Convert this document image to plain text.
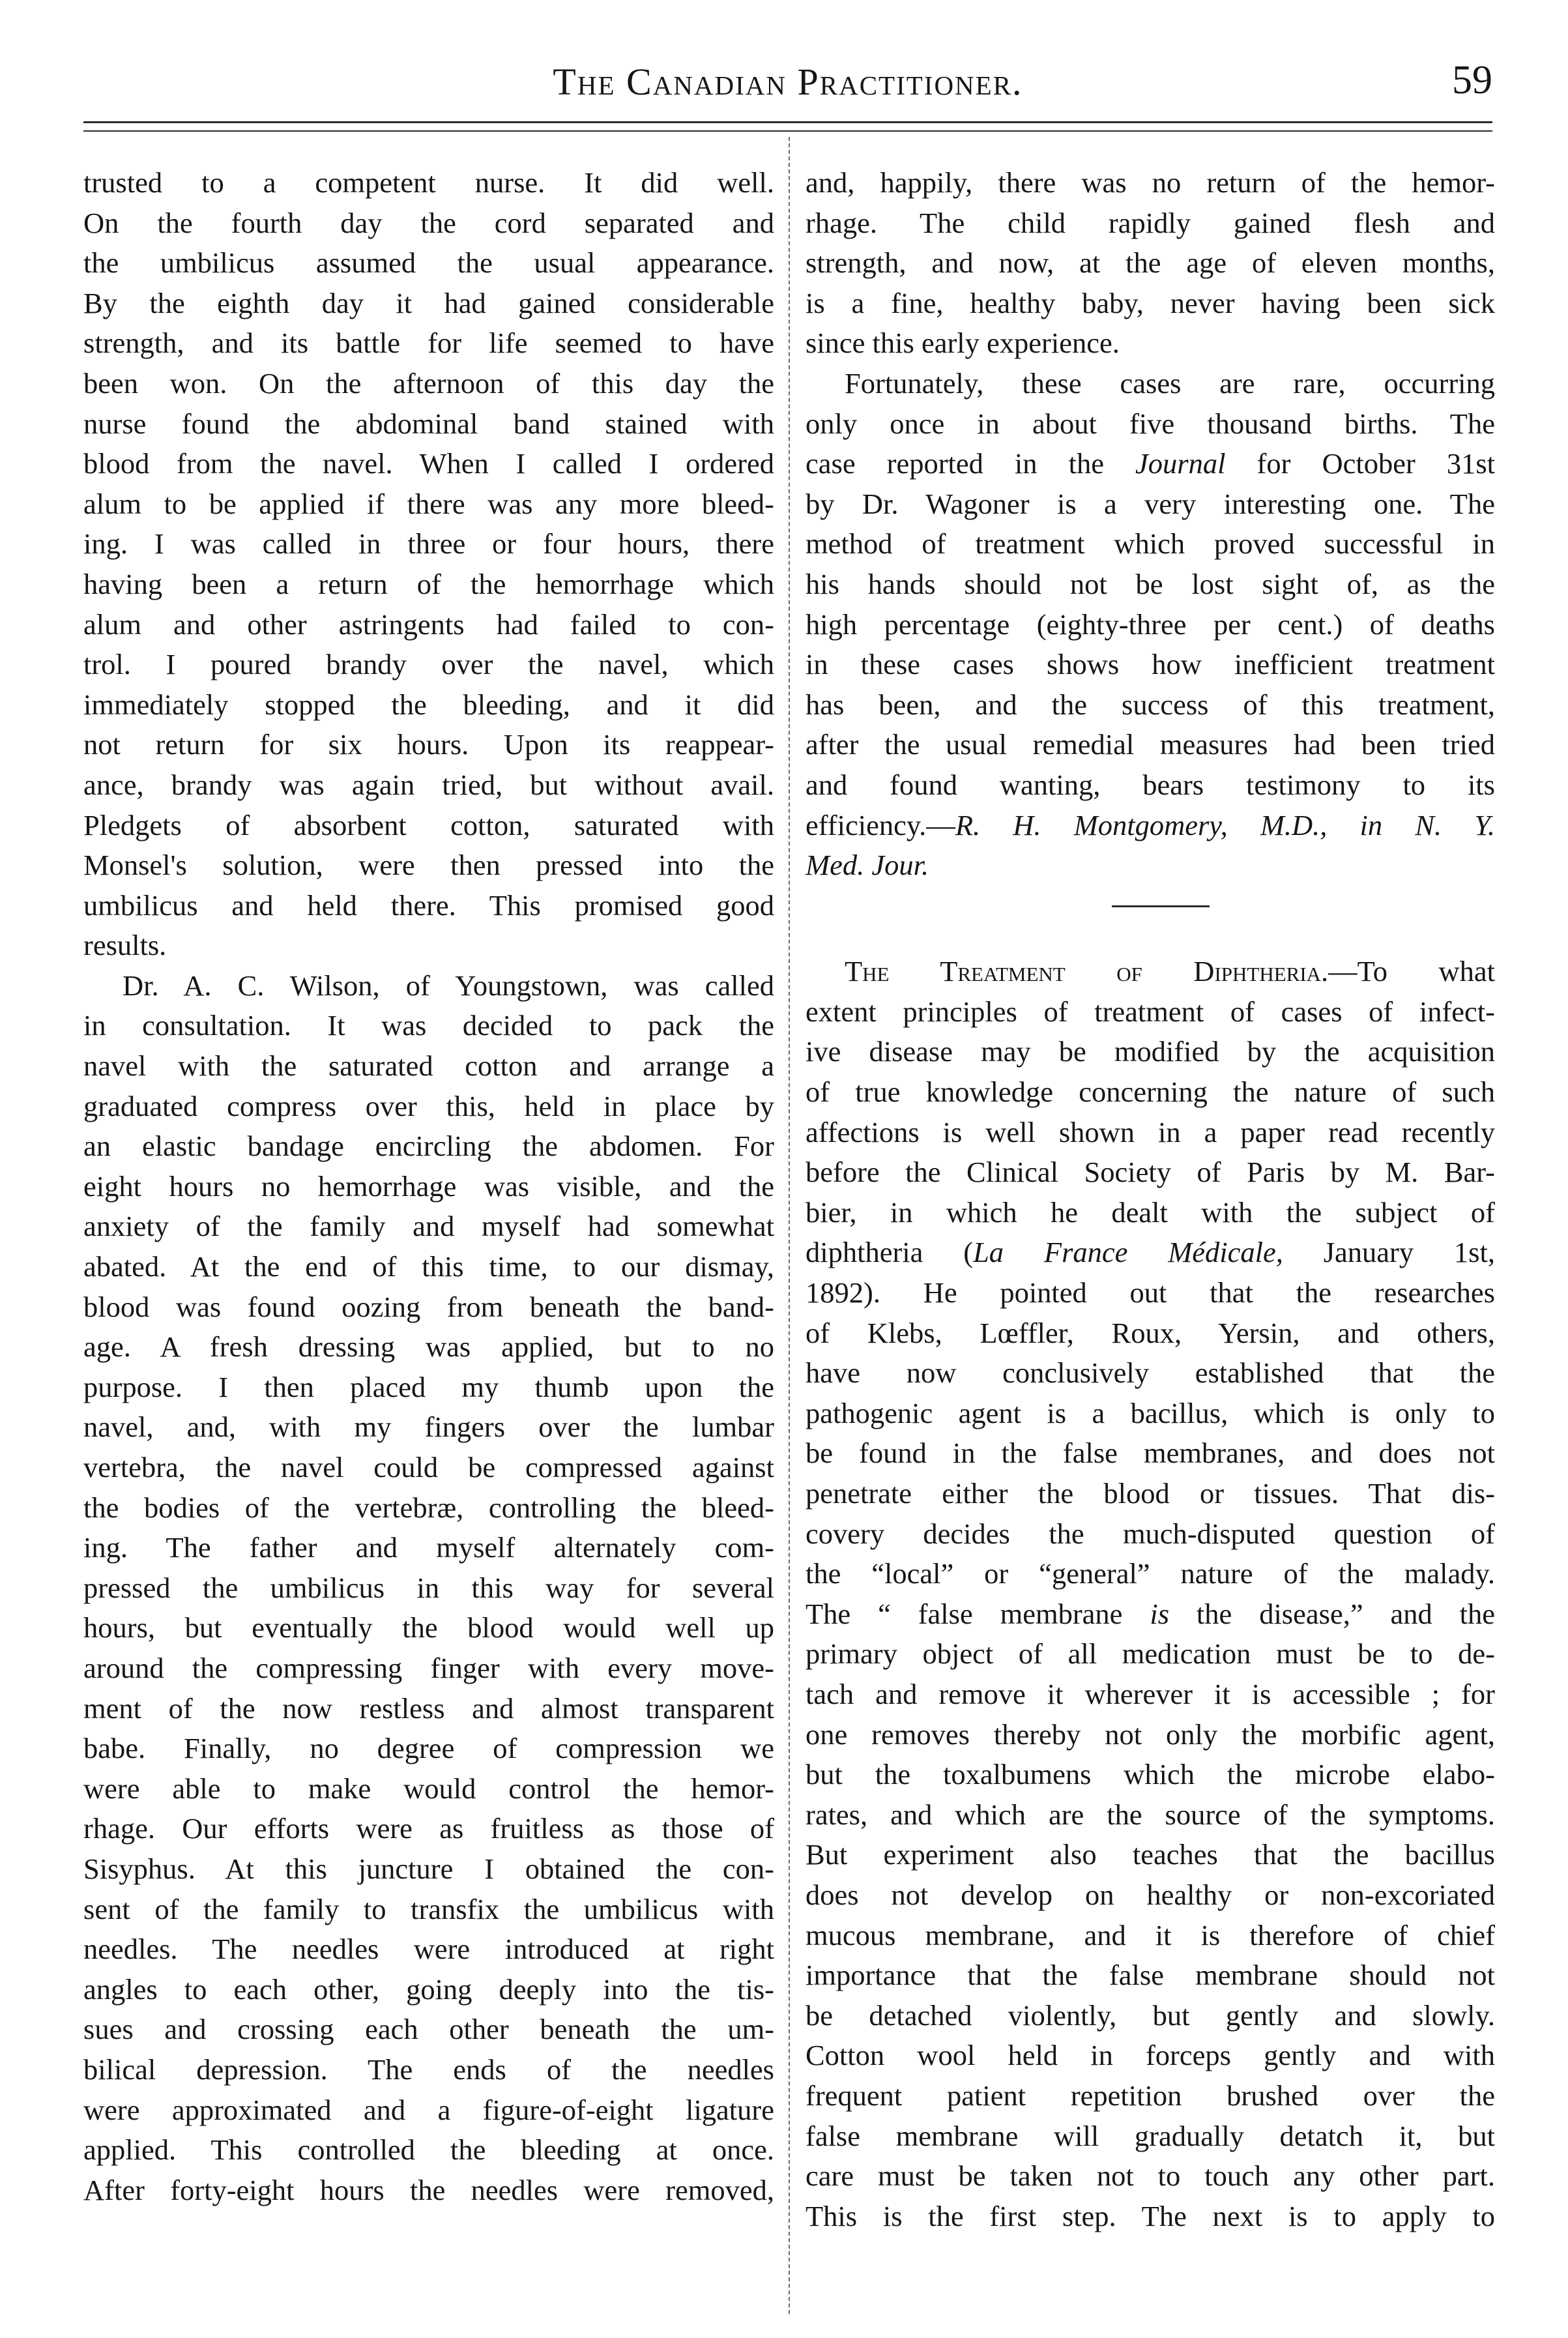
The Canadian Practitioner.	59
trusted to a competent nurse. It did well.
On the fourth day the cord separated and
the umbilicus assumed the usual appearance.
By the eighth day it had gained considerable
strength, and its battle for life seemed to have
been won. On the afternoon of this day the
nurse found the abdominal band stained with
blood from the navel. When I called I ordered
alum to be applied if there was any more bleed-
ing. I was called in three or four hours, there
having been a return of the hemorrhage which
alum and other astringents had failed to con-
trol. I poured brandy over the navel, which
immediately stopped the bleeding, and it did
not return for six hours. Upon its reappear-
ance, brandy was again tried, but without avail.
Pledgets of absorbent cotton, saturated with
Monsel's solution, were then pressed into the
umbilicus and held there. This promised good
results.
Dr. A. C. Wilson, of Youngstown, was called
in consultation. It was decided to pack the
navel with the saturated cotton and arrange a
graduated compress over this, held in place by
an elastic bandage encircling the abdomen. For
eight hours no hemorrhage was visible, and the
anxiety of the family and myself had somewhat
abated. At the end of this time, to our dismay,
blood was found oozing from beneath the band-
age. A fresh dressing was applied, but to no
purpose. I then placed my thumb upon the
navel, and, with my fingers over the lumbar
vertebra, the navel could be compressed against
the bodies of the vertebræ, controlling the bleed-
ing. The father and myself alternately com-
pressed the umbilicus in this way for several
hours, but eventually the blood would well up
around the compressing finger with every move-
ment of the now restless and almost transparent
babe. Finally, no degree of compression we
were able to make would control the hemor-
rhage. Our efforts were as fruitless as those of
Sisyphus. At this juncture I obtained the con-
sent of the family to transfix the umbilicus with
needles. The needles were introduced at right
angles to each other, going deeply into the tis-
sues and crossing each other beneath the um-
bilical depression. The ends of the needles
were approximated and a figure-of-eight ligature
applied. This controlled the bleeding at once.
After forty-eight hours the needles were removed,
and, happily, there was no return of the hemor-
rhage. The child rapidly gained flesh and
strength, and now, at the age of eleven months,
is a fine, healthy baby, never having been sick
since this early experience.
Fortunately, these cases are rare, occurring
only once in about five thousand births. The
case reported in the Journal for October 31st
by Dr. Wagoner is a very interesting one. The
method of treatment which proved successful in
his hands should not be lost sight of, as the
high percentage (eighty-three per cent.) of deaths
in these cases shows how inefficient treatment
has been, and the success of this treatment,
after the usual remedial measures had been tried
and found wanting, bears testimony to its
efficiency.—R. H. Montgomery, M.D., in N. Y.
Med. Jour.
The Treatment of Diphtheria.—To what
extent principles of treatment of cases of infect-
ive disease may be modified by the acquisition
of true knowledge concerning the nature of such
affections is well shown in a paper read recently
before the Clinical Society of Paris by M. Bar-
bier, in which he dealt with the subject of
diphtheria (La France Médicale, January 1st,
1892). He pointed out that the researches
of Klebs, Lœffler, Roux, Yersin, and others,
have now conclusively established that the
pathogenic agent is a bacillus, which is only to
be found in the false membranes, and does not
penetrate either the blood or tissues. That dis-
covery decides the much-disputed question of
the “local” or “general” nature of the malady.
The “ false membrane is the disease,” and the
primary object of all medication must be to de-
tach and remove it wherever it is accessible ; for
one removes thereby not only the morbific agent,
but the toxalbumens which the microbe elabo-
rates, and which are the source of the symptoms.
But experiment also teaches that the bacillus
does not develop on healthy or non-excoriated
mucous membrane, and it is therefore of chief
importance that the false membrane should not
be detached violently, but gently and slowly.
Cotton wool held in forceps gently and with
frequent patient repetition brushed over the
false membrane will gradually detatch it, but
care must be taken not to touch any other part.
This is the first step. The next is to apply to
